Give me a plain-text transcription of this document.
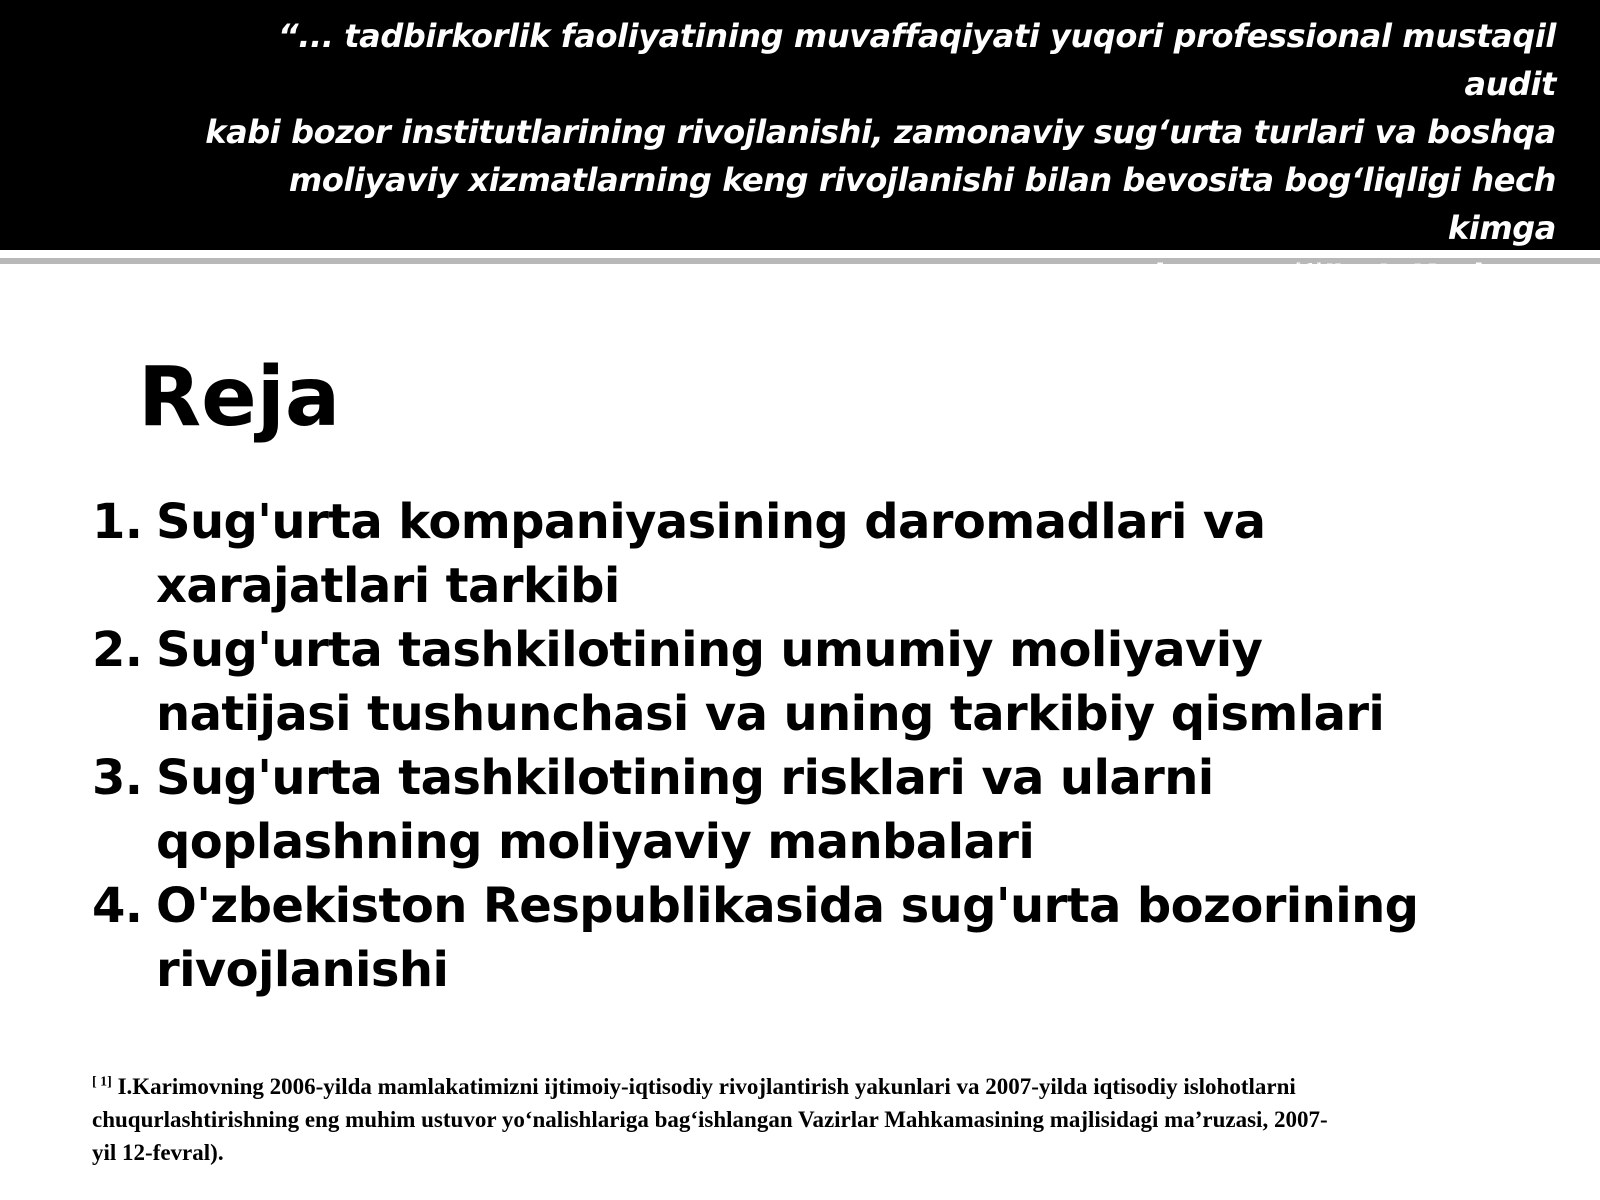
“... tadbirkorlik faoliyatining muvaffaqiyati yuqori professional mustaqil audit
kabi bozor institutlarining rivojlanishi, zamonaviy sug‘urta turlari va boshqa
moliyaviy xizmatlarning keng rivojlanishi bilan bevosita bog‘liqligi hech kimga
sir emas [ 1]” · I. Karimov
Reja
1. Sug'urta kompaniyasining daromadlari va
xarajatlari tarkibi
2. Sug'urta tashkilotining umumiy moliyaviy
natijasi tushunchasi va uning tarkibiy qismlari
3. Sug'urta tashkilotining risklari va ularni
qoplashning moliyaviy manbalari
4. O'zbekiston Respublikasida sug'urta bozorining
rivojlanishi
[ 1] I.Karimovning 2006-yilda mamlakatimizni ijtimoiy-iqtisodiy rivojlantirish yakunlari va 2007-yilda iqtisodiy islohotlarni
chuqurlashtirishning eng muhim ustuvor yo‘nalishlariga bag‘ishlangan Vazirlar Mahkamasining majlisidagi ma’ruzasi, 2007-
yil 12-fevral).
